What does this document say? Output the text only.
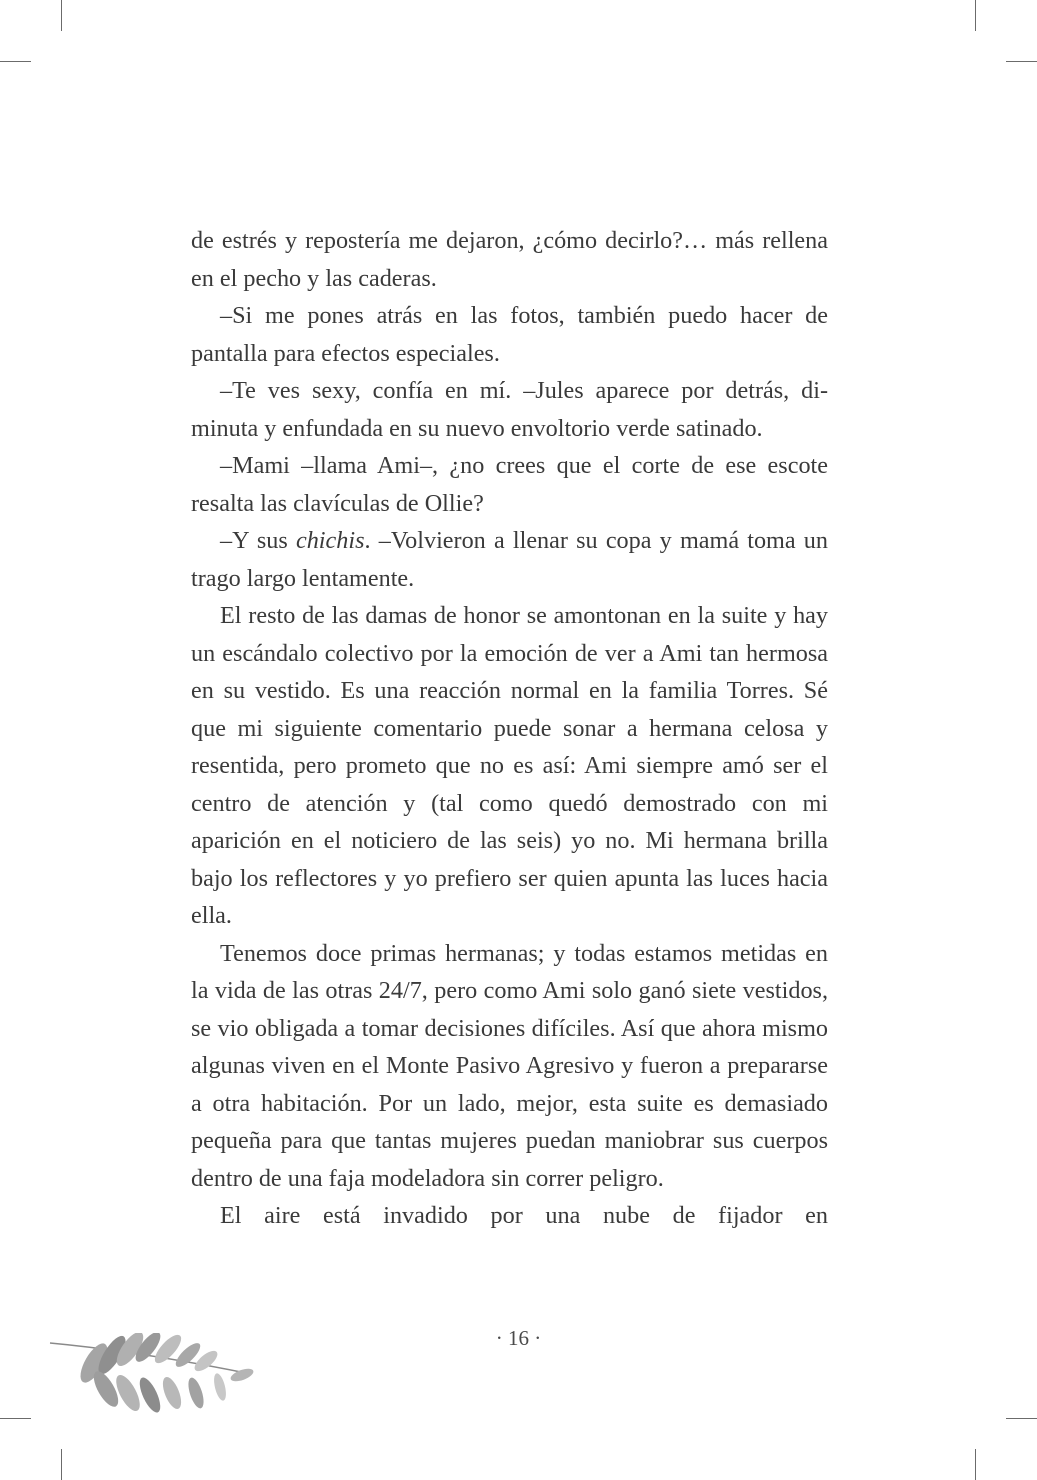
de estrés y repostería me dejaron, ¿cómo decirlo?… más rellena en el pecho y las caderas.

–Si me pones atrás en las fotos, también puedo hacer de pantalla para efectos especiales.

–Te ves sexy, confía en mí. –Jules aparece por detrás, diminuta y enfundada en su nuevo envoltorio verde satinado.

–Mami –llama Ami–, ¿no crees que el corte de ese escote resalta las clavículas de Ollie?

–Y sus chichis. –Volvieron a llenar su copa y mamá toma un trago largo lentamente.

El resto de las damas de honor se amontonan en la suite y hay un escándalo colectivo por la emoción de ver a Ami tan hermosa en su vestido. Es una reacción normal en la familia Torres. Sé que mi siguiente comentario puede sonar a hermana celosa y resentida, pero prometo que no es así: Ami siempre amó ser el centro de atención y (tal como quedó demostrado con mi aparición en el noticiero de las seis) yo no. Mi hermana brilla bajo los reflectores y yo prefiero ser quien apunta las luces hacia ella.

Tenemos doce primas hermanas; y todas estamos metidas en la vida de las otras 24/7, pero como Ami solo ganó siete vestidos, se vio obligada a tomar decisiones difíciles. Así que ahora mismo algunas viven en el Monte Pasivo Agresivo y fueron a prepararse a otra habitación. Por un lado, mejor, esta suite es demasiado pequeña para que tantas mujeres puedan maniobrar sus cuerpos dentro de una faja modeladora sin correr peligro.

El aire está invadido por una nube de fijador en

· 16 ·
